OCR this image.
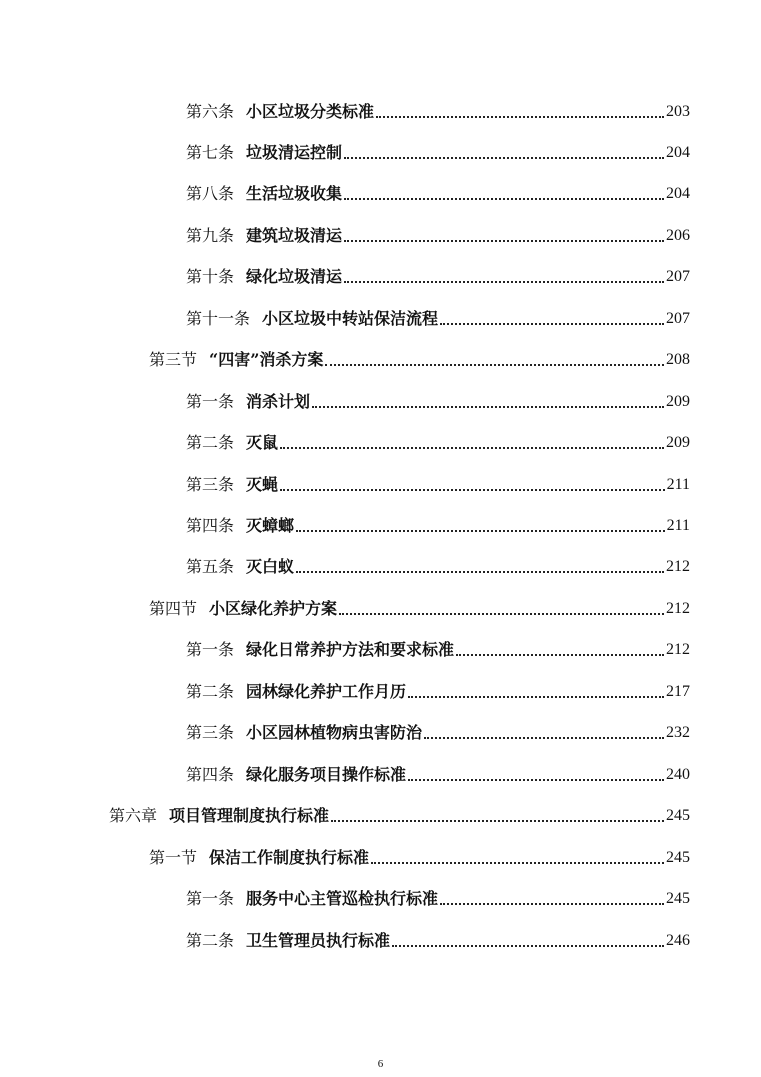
第六条 小区垃圾分类标准	203
第七条 垃圾清运控制	204
第八条 生活垃圾收集	204
第九条 建筑垃圾清运	206
第十条 绿化垃圾清运	207
第十一条 小区垃圾中转站保洁流程	207
第三节 “四害”消杀方案	208
第一条 消杀计划	209
第二条 灭鼠	209
第三条 灭蝇	211
第四条 灭蟑螂	211
第五条 灭白蚁	212
第四节 小区绿化养护方案	212
第一条 绿化日常养护方法和要求标准	212
第二条 园林绿化养护工作月历	217
第三条 小区园林植物病虫害防治	232
第四条 绿化服务项目操作标准	240
第六章 项目管理制度执行标准	245
第一节 保洁工作制度执行标准	245
第一条 服务中心主管巡检执行标准	245
第二条 卫生管理员执行标准	246
6
